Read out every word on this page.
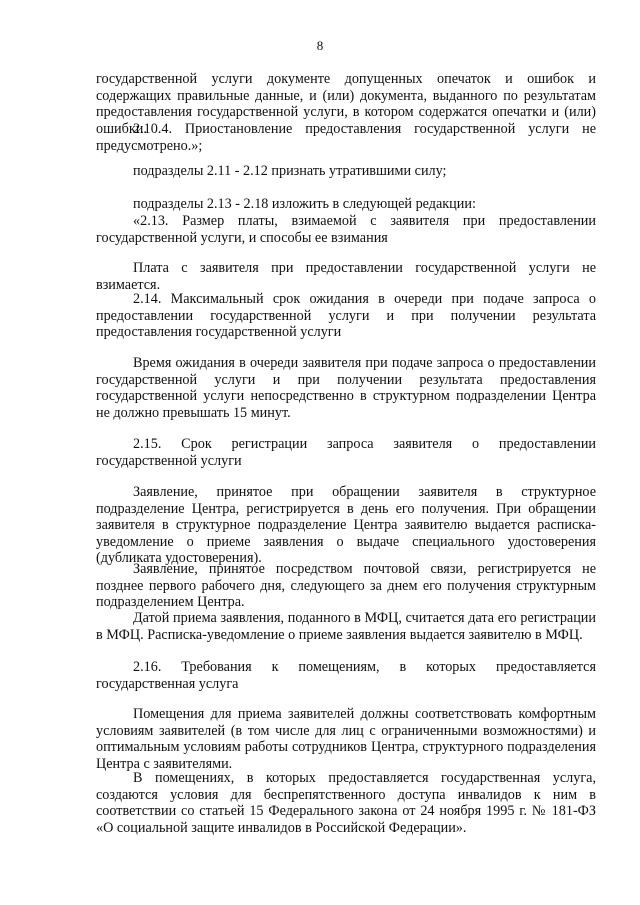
8
государственной услуги документе допущенных опечаток и ошибок и содержащих правильные данные, и (или) документа, выданного по результатам предоставления государственной услуги, в котором содержатся опечатки и (или) ошибки.
2.10.4. Приостановление предоставления государственной услуги не предусмотрено.»;
подразделы 2.11 - 2.12 признать утратившими силу;
подразделы 2.13 - 2.18 изложить в следующей редакции:
«2.13. Размер платы, взимаемой с заявителя при предоставлении государственной услуги, и способы ее взимания
Плата с заявителя при предоставлении государственной услуги не взимается.
2.14. Максимальный срок ожидания в очереди при подаче запроса о предоставлении государственной услуги и при получении результата предоставления государственной услуги
Время ожидания в очереди заявителя при подаче запроса о предоставлении государственной услуги и при получении результата предоставления государственной услуги непосредственно в структурном подразделении Центра не должно превышать 15 минут.
2.15. Срок регистрации запроса заявителя о предоставлении государственной услуги
Заявление, принятое при обращении заявителя в структурное подразделение Центра, регистрируется в день его получения. При обращении заявителя в структурное подразделение Центра заявителю выдается расписка-уведомление о приеме заявления о выдаче специального удостоверения (дубликата удостоверения).
Заявление, принятое посредством почтовой связи, регистрируется не позднее первого рабочего дня, следующего за днем его получения структурным подразделением Центра.
Датой приема заявления, поданного в МФЦ, считается дата его регистрации в МФЦ. Расписка-уведомление о приеме заявления выдается заявителю в МФЦ.
2.16. Требования к помещениям, в которых предоставляется государственная услуга
Помещения для приема заявителей должны соответствовать комфортным условиям заявителей (в том числе для лиц с ограниченными возможностями) и оптимальным условиям работы сотрудников Центра, структурного подразделения Центра с заявителями.
В помещениях, в которых предоставляется государственная услуга, создаются условия для беспрепятственного доступа инвалидов к ним в соответствии со статьей 15 Федерального закона от 24 ноября 1995 г. № 181-ФЗ «О социальной защите инвалидов в Российской Федерации».
